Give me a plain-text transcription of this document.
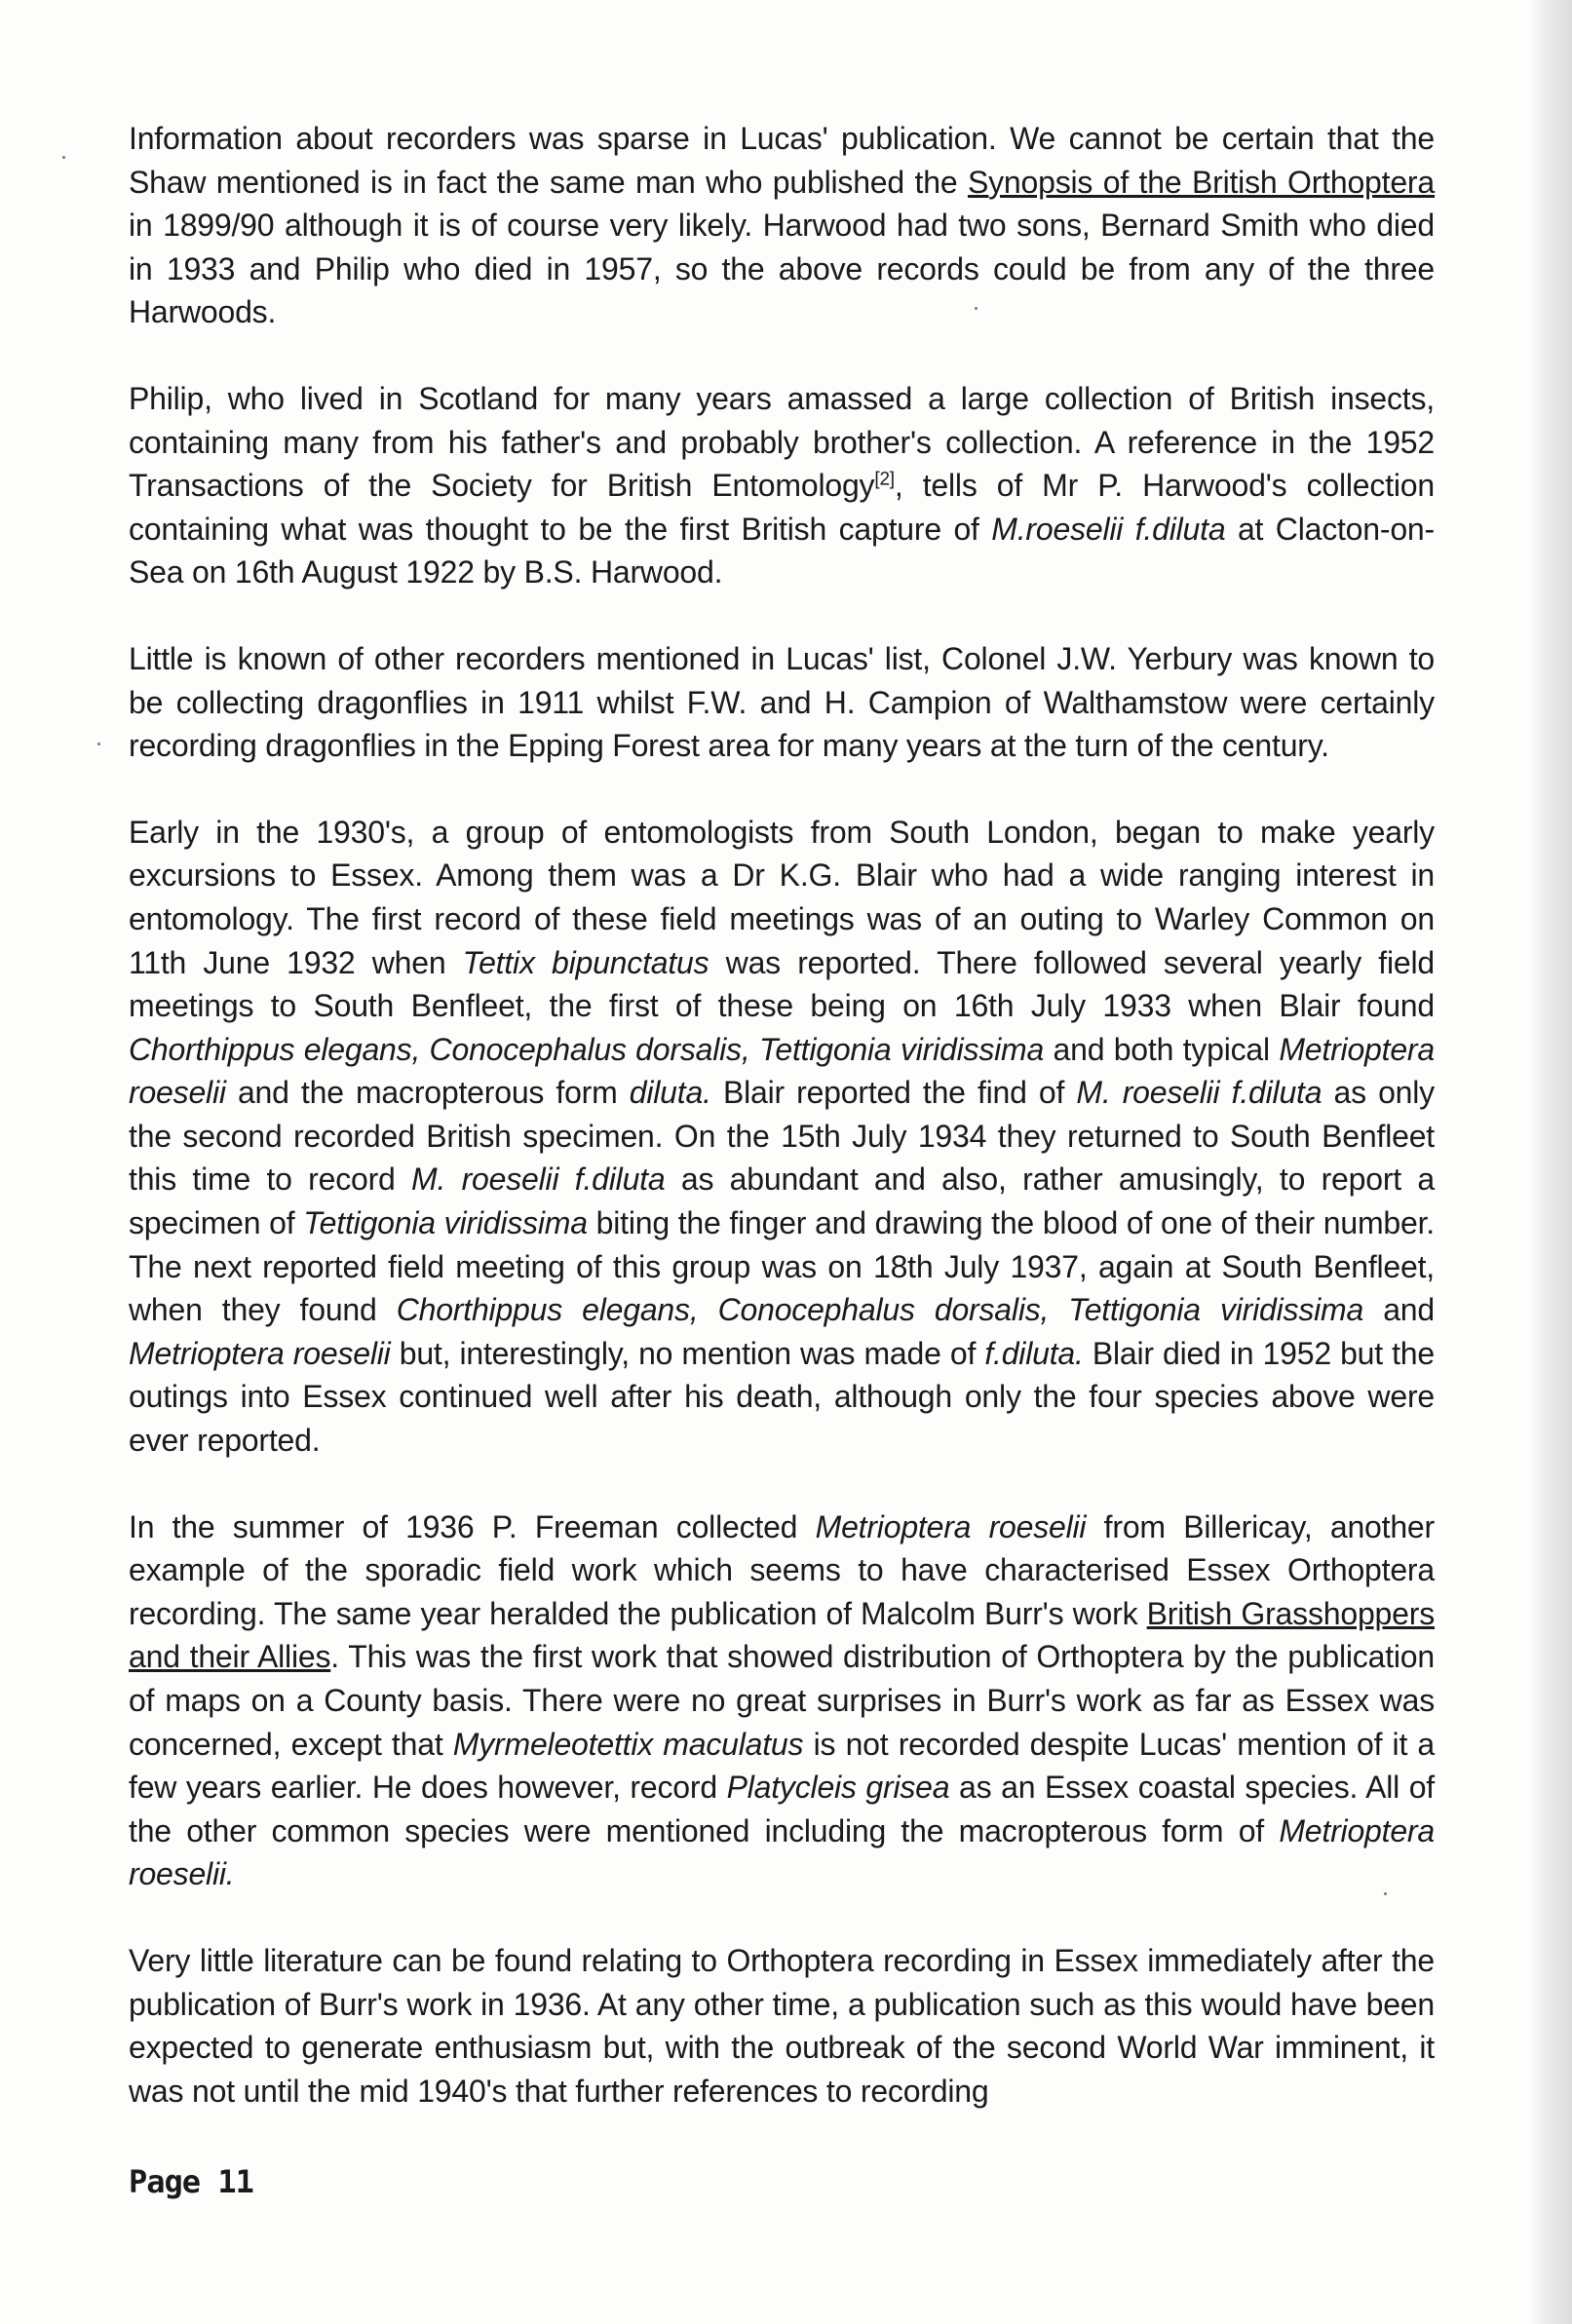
Information about recorders was sparse in Lucas' publication. We cannot be certain that the Shaw mentioned is in fact the same man who published the Synopsis of the British Orthoptera in 1899/90 although it is of course very likely. Harwood had two sons, Bernard Smith who died in 1933 and Philip who died in 1957, so the above records could be from any of the three Harwoods.

Philip, who lived in Scotland for many years amassed a large collection of British insects, containing many from his father's and probably brother's collection. A reference in the 1952 Transactions of the Society for British Entomology[2], tells of Mr P. Harwood's collection containing what was thought to be the first British capture of M.roeselii f.diluta at Clacton-on-Sea on 16th August 1922 by B.S. Harwood.

Little is known of other recorders mentioned in Lucas' list, Colonel J.W. Yerbury was known to be collecting dragonflies in 1911 whilst F.W. and H. Campion of Walthamstow were certainly recording dragonflies in the Epping Forest area for many years at the turn of the century.

Early in the 1930's, a group of entomologists from South London, began to make yearly excursions to Essex. Among them was a Dr K.G. Blair who had a wide ranging interest in entomology. The first record of these field meetings was of an outing to Warley Common on 11th June 1932 when Tettix bipunctatus was reported. There followed several yearly field meetings to South Benfleet, the first of these being on 16th July 1933 when Blair found Chorthippus elegans, Conocephalus dorsalis, Tettigonia viridissima and both typical Metrioptera roeselii and the macropterous form diluta. Blair reported the find of M. roeselii f.diluta as only the second recorded British specimen. On the 15th July 1934 they returned to South Benfleet this time to record M. roeselii f.diluta as abundant and also, rather amusingly, to report a specimen of Tettigonia viridissima biting the finger and drawing the blood of one of their number. The next reported field meeting of this group was on 18th July 1937, again at South Benfleet, when they found Chorthippus elegans, Conocephalus dorsalis, Tettigonia viridissima and Metrioptera roeselii but, interestingly, no mention was made of f.diluta. Blair died in 1952 but the outings into Essex continued well after his death, although only the four species above were ever reported.

In the summer of 1936 P. Freeman collected Metrioptera roeselii from Billericay, another example of the sporadic field work which seems to have characterised Essex Orthoptera recording. The same year heralded the publication of Malcolm Burr's work British Grasshoppers and their Allies. This was the first work that showed distribution of Orthoptera by the publication of maps on a County basis. There were no great surprises in Burr's work as far as Essex was concerned, except that Myrmeleotettix maculatus is not recorded despite Lucas' mention of it a few years earlier. He does however, record Platycleis grisea as an Essex coastal species. All of the other common species were mentioned including the macropterous form of Metrioptera roeselii.

Very little literature can be found relating to Orthoptera recording in Essex immediately after the publication of Burr's work in 1936. At any other time, a publication such as this would have been expected to generate enthusiasm but, with the outbreak of the second World War imminent, it was not until the mid 1940's that further references to recording

Page 11
